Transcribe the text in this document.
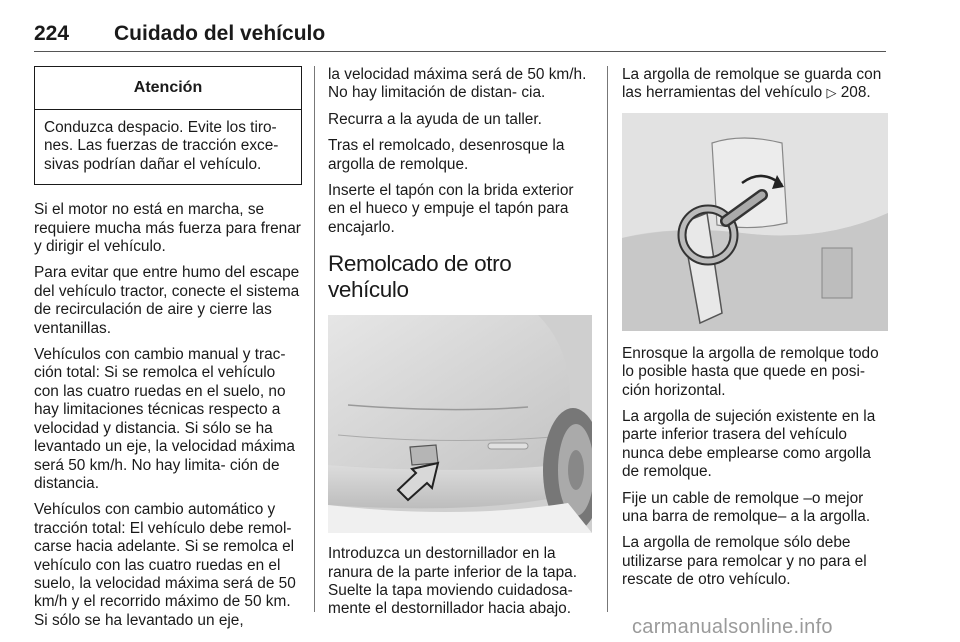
224 Cuidado del vehículo
Atención

Conduzca despacio. Evite los tiro- nes. Las fuerzas de tracción exce- sivas podrían dañar el vehículo.

Si el motor no está en marcha, se requiere mucha más fuerza para frenar y dirigir el vehículo.

Para evitar que entre humo del escape del vehículo tractor, conecte el sistema de recirculación de aire y cierre las ventanillas.

Vehículos con cambio manual y trac- ción total: Si se remolca el vehículo con las cuatro ruedas en el suelo, no hay limitaciones técnicas respecto a velocidad y distancia. Si sólo se ha levantado un eje, la velocidad máxima será 50 km/h. No hay limita- ción de distancia.

Vehículos con cambio automático y tracción total: El vehículo debe remol- carse hacia adelante. Si se remolca el vehículo con las cuatro ruedas en el suelo, la velocidad máxima será de 50 km/h y el recorrido máximo de 50 km. Si sólo se ha levantado un eje,

la velocidad máxima será de 50 km/h. No hay limitación de distan- cia.

Recurra a la ayuda de un taller.

Tras el remolcado, desenrosque la argolla de remolque.

Inserte el tapón con la brida exterior en el hueco y empuje el tapón para encajarlo.

Remolcado de otro vehículo

Introduzca un destornillador en la ranura de la parte inferior de la tapa. Suelte la tapa moviendo cuidadosa- mente el destornillador hacia abajo.

La argolla de remolque se guarda con las herramientas del vehículo ▷ 208.

Enrosque la argolla de remolque todo lo posible hasta que quede en posi- ción horizontal.

La argolla de sujeción existente en la parte inferior trasera del vehículo nunca debe emplearse como argolla de remolque.

Fije un cable de remolque –o mejor una barra de remolque– a la argolla.

La argolla de remolque sólo debe utilizarse para remolcar y no para el rescate de otro vehículo.

carmanualsonline.info
